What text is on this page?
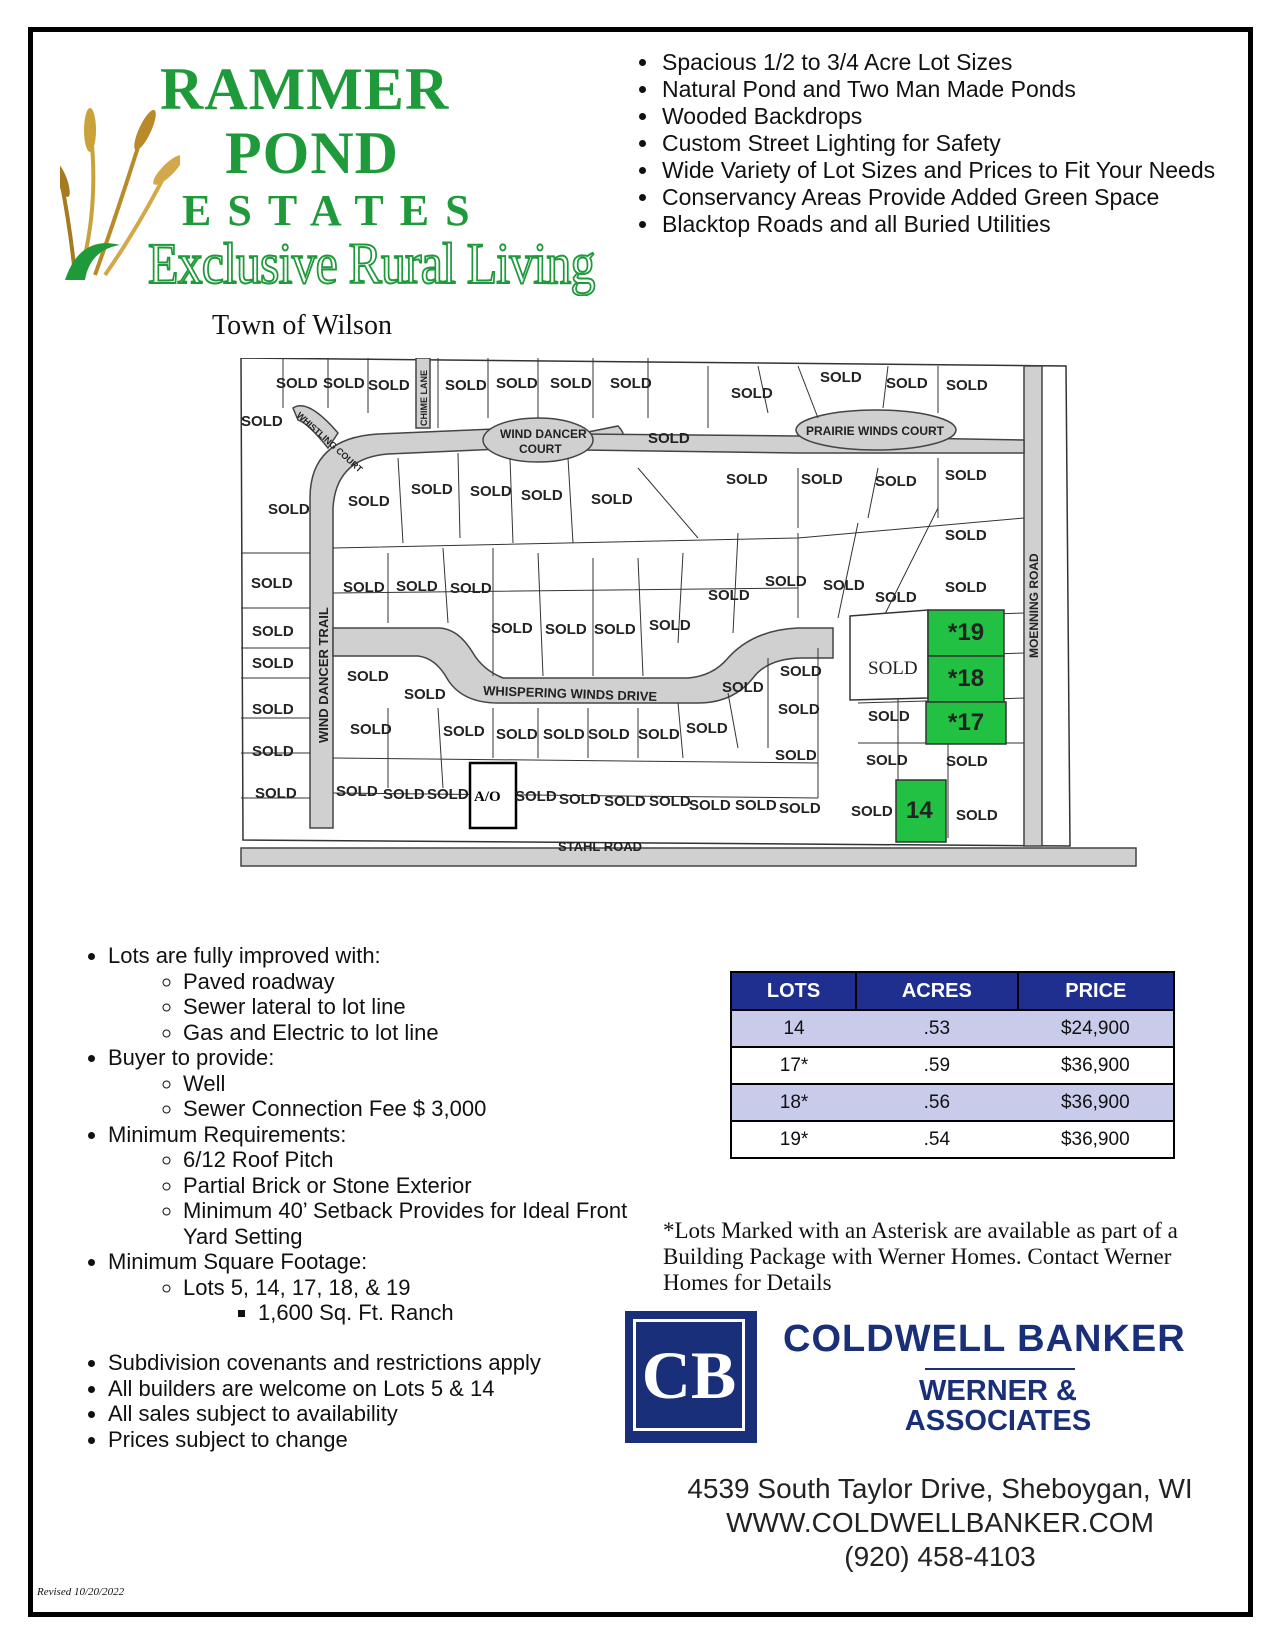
RAMMER
POND
ESTATES
Exclusive Rural Living
Town of Wilson
• Spacious 1/2 to 3/4 Acre Lot Sizes
• Natural Pond and Two Man Made Ponds
• Wooded Backdrops
• Custom Street Lighting for Safety
• Wide Variety of Lot Sizes and Prices to Fit Your Needs
• Conservancy Areas Provide Added Green Space
• Blacktop Roads and all Buried Utilities
*19
*18
*17
14
A/O
STAHL ROAD
WHISPERING WINDS DRIVE
WIND DANCER TRAIL
MOENNING ROAD
PRAIRIE WINDS COURT
WIND DANCER
COURT
CHIME LANE
WHISTLING COURT
SOLD SOLD SOLD SOLD SOLD SOLD SOLD
SOLD
SOLD SOLD SOLD
SOLD
SOLD
SOLD	SOLD
SOLD SOLD SOLD SOLD
SOLD SOLD SOLD SOLD
SOLD
SOLD	SOLD SOLD SOLD	SOLD
SOLD SOLD
SOLD
SOLD
SOLD	SOLD SOLD SOLD SOLD
SOLD
SOLD
SOLD	SOLD
SOLD
SOLD
SOLD	SOLD SOLD SOLD SOLD SOLD SOLD
SOLD	SOLD
SOLD
SOLD	SOLD	SOLD
SOLD	SOLD SOLD SOLD	SOLD SOLD SOLD SOLD
SOLD SOLD SOLD SOLD	SOLD
SOLD
• Lots are fully improved with:
◦ Paved roadway
◦ Sewer lateral to lot line
◦ Gas and Electric to lot line
• Buyer to provide:
◦ Well
◦ Sewer Connection Fee $ 3,000
• Minimum Requirements:
◦ 6/12 Roof Pitch
◦ Partial Brick or Stone Exterior
◦ Minimum 40’ Setback Provides for Ideal Front Yard Setting
• Minimum Square Footage:
◦ Lots 5, 14, 17, 18, & 19
▪ 1,600 Sq. Ft. Ranch
• Subdivision covenants and restrictions apply
• All builders are welcome on Lots 5 & 14
• All sales subject to availability
• Prices subject to change
LOTS	ACRES	PRICE
14	.53	$24,900
17*	.59	$36,900
18*	.56	$36,900
19*	.54	$36,900
*Lots Marked with an Asterisk are available as part of a Building Package with Werner Homes. Contact Werner Homes for Details
CB COLDWELL BANKER
WERNER &
ASSOCIATES
4539 South Taylor Drive, Sheboygan, WI
WWW.COLDWELLBANKER.COM
(920) 458-4103
Revised 10/20/2022
